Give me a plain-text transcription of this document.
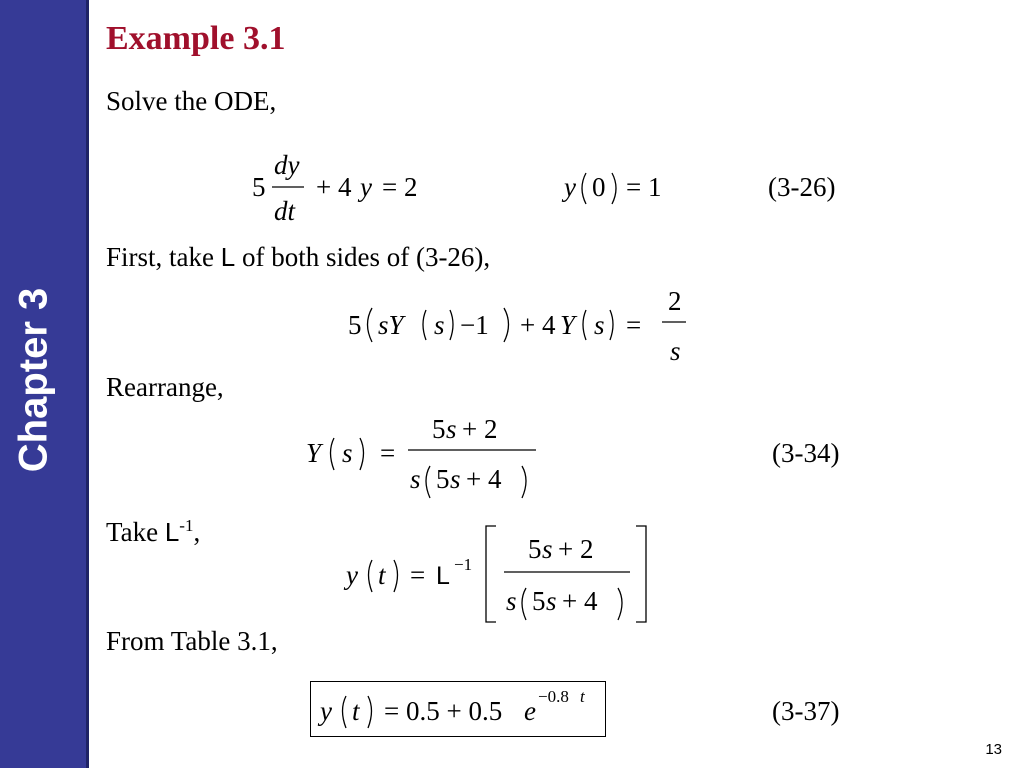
Chapter 3
Example 3.1
Solve the ODE,
5
dy
dt
+ 4 y = 2	y 0 = 1	(3-26)
First, take L of both sides of (3-26),
5 sY s −1 + 4 Y s =
2
s
Rearrange,
Y s =
5 s + 2
s 5 s + 4
(3-34)
Take $L^{-1}$,
y t = L −1
5 s + 2
s 5 s + 4
From Table 3.1,
y t = 0.5 + 0.5 e −0.8 t	(3-37)
13
